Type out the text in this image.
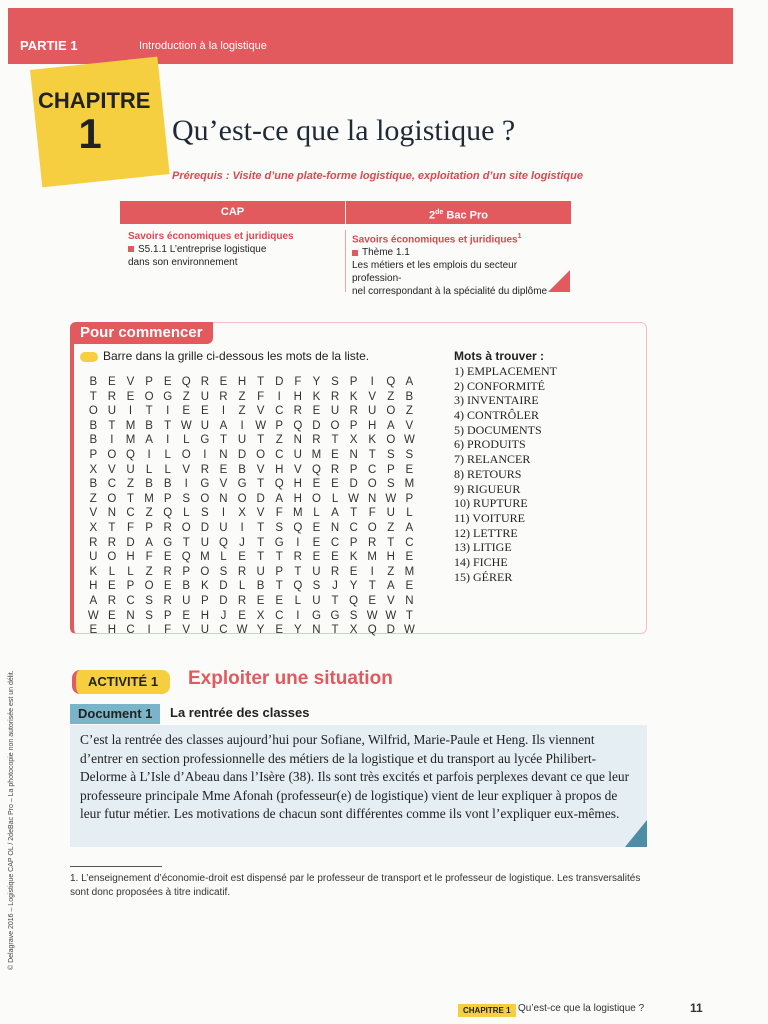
PARTIE 1	Introduction à la logistique
CHAPITRE
1	Qu’est-ce que la logistique ?
Prérequis : Visite d’une plate-forme logistique, exploitation d’un site logistique
CAP	2de Bac Pro
Savoirs économiques et juridiques
S5.1.1 L’entreprise logistique
dans son environnement
Savoirs économiques et juridiques$^1$
Thème 1.1
Les métiers et les emplois du secteur profession-
nel correspondant à la spécialité du diplôme
Pour commencer
Barre dans la grille ci-dessous les mots de la liste.
B E V P E Q R E H T D F Y S P I Q A
T R E O G Z U R Z F I H K R K V Z B
O U I T I E E I Z V C R E U R U O Z
B T M B T W U A I W P Q D O P H A V
B I M A I L G T U T Z N R T X K O W
P O Q I L O I N D O C U M E N T S S
X V U L L V R E B V H V Q R P C P E
B C Z B B I G V G T Q H E E D O S M
Z O T M P S O N O D A H O L W N W P
V N C Z Q L S I X V F M L A T F U L
X T F P R O D U I T S Q E N C O Z A
R R D A G T U Q J T G I E C P R T C
U O H F E Q M L E T T R E E K M H E
K L L Z R P O S R U P T U R E I Z M
H E P O E B K D L B T Q S J Y T A E
A R C S R U P D R E E L U T Q E V N
W E N S P E H J E X C I G G S W W T
E H C I F V U C W Y E Y N T X Q D W
Mots à trouver :
1) EMPLACEMENT
2) CONFORMITÉ
3) INVENTAIRE
4) CONTRÔLER
5) DOCUMENTS
6) PRODUITS
7) RELANCER
8) RETOURS
9) RIGUEUR
10) RUPTURE
11) VOITURE
12) LETTRE
13) LITIGE
14) FICHE
15) GÉRER
ACTIVITÉ 1	Exploiter une situation
Document 1	La rentrée des classes
C’est la rentrée des classes aujourd’hui pour Sofiane, Wilfrid, Marie-Paule et Heng. Ils viennent d’entrer en section professionnelle des métiers de la logistique et du transport au lycée Philibert-Delorme à L’Isle d’Abeau dans l’Isère (38). Ils sont très excités et parfois perplexes devant ce que leur professeure principale Mme Afonah (professeur(e) de logistique) vient de leur expliquer à propos de leur futur métier. Les motivations de chacun sont différentes comme ils vont l’expliquer eux-mêmes.
1. L’enseignement d’économie-droit est dispensé par le professeur de transport et le professeur de logistique. Les transversalités sont donc proposées à titre indicatif.
© Delagrave 2016 – Logistique CAP OL / 2deBac Pro – La photocopie non autorisée est un délit.
CHAPITRE 1 Qu’est-ce que la logistique ?	11
